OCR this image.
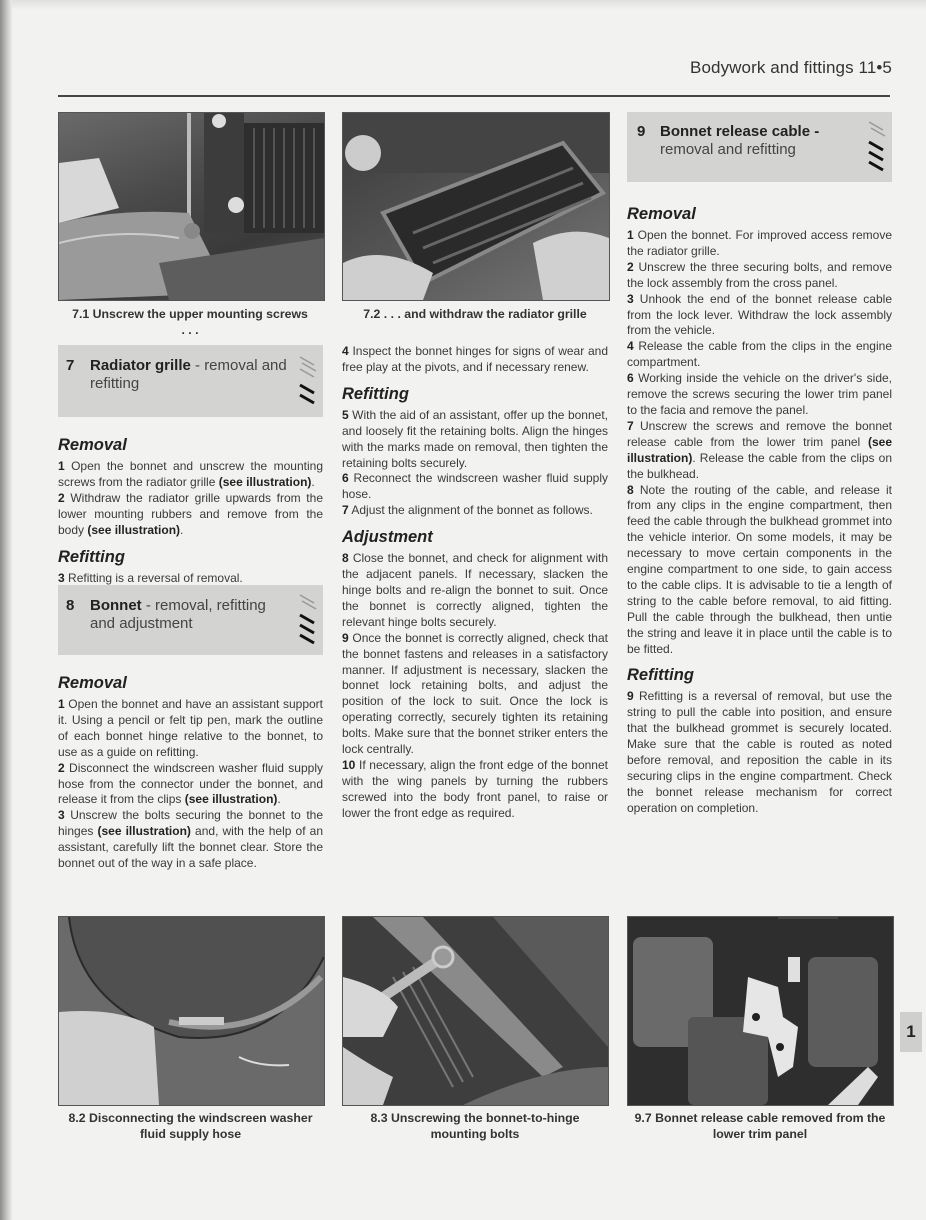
Bodywork and fittings 11•5
7.1 Unscrew the upper mounting screws . . .
7.2 . . . and withdraw the radiator grille
7 Radiator grille - removal and refitting
Removal

1 Open the bonnet and unscrew the mounting screws from the radiator grille (see illustration).

2 Withdraw the radiator grille upwards from the lower mounting rubbers and remove from the body (see illustration).

Refitting

3 Refitting is a reversal of removal.

8 Bonnet - removal, refitting and adjustment
Removal

1 Open the bonnet and have an assistant support it. Using a pencil or felt tip pen, mark the outline of each bonnet hinge relative to the bonnet, to use as a guide on refitting.

2 Disconnect the windscreen washer fluid supply hose from the connector under the bonnet, and release it from the clips (see illustration).

3 Unscrew the bolts securing the bonnet to the hinges (see illustration) and, with the help of an assistant, carefully lift the bonnet clear. Store the bonnet out of the way in a safe place.

4 Inspect the bonnet hinges for signs of wear and free play at the pivots, and if necessary renew.

Refitting

5 With the aid of an assistant, offer up the bonnet, and loosely fit the retaining bolts. Align the hinges with the marks made on removal, then tighten the retaining bolts securely.

6 Reconnect the windscreen washer fluid supply hose.

7 Adjust the alignment of the bonnet as follows.

Adjustment

8 Close the bonnet, and check for alignment with the adjacent panels. If necessary, slacken the hinge bolts and re-align the bonnet to suit. Once the bonnet is correctly aligned, tighten the relevant hinge bolts securely.

9 Once the bonnet is correctly aligned, check that the bonnet fastens and releases in a satisfactory manner. If adjustment is necessary, slacken the bonnet lock retaining bolts, and adjust the position of the lock to suit. Once the lock is operating correctly, securely tighten its retaining bolts. Make sure that the bonnet striker enters the lock centrally.

10 If necessary, align the front edge of the bonnet with the wing panels by turning the rubbers screwed into the body front panel, to raise or lower the front edge as required.

9 Bonnet release cable -
removal and refitting
Removal

1 Open the bonnet. For improved access remove the radiator grille.

2 Unscrew the three securing bolts, and remove the lock assembly from the cross panel.

3 Unhook the end of the bonnet release cable from the lock lever. Withdraw the lock assembly from the vehicle.

4 Release the cable from the clips in the engine compartment.

6 Working inside the vehicle on the driver's side, remove the screws securing the lower trim panel to the facia and remove the panel.

7 Unscrew the screws and remove the bonnet release cable from the lower trim panel (see illustration). Release the cable from the clips on the bulkhead.

8 Note the routing of the cable, and release it from any clips in the engine compartment, then feed the cable through the bulkhead grommet into the vehicle interior. On some models, it may be necessary to move certain components in the engine compartment to one side, to gain access to the cable clips. It is advisable to tie a length of string to the cable before removal, to aid fitting. Pull the cable through the bulkhead, then untie the string and leave it in place until the cable is to be fitted.

Refitting

9 Refitting is a reversal of removal, but use the string to pull the cable into position, and ensure that the bulkhead grommet is securely located. Make sure that the cable is routed as noted before removal, and reposition the cable in its securing clips in the engine compartment. Check the bonnet release mechanism for correct operation on completion.

8.2 Disconnecting the windscreen washer fluid supply hose
8.3 Unscrewing the bonnet-to-hinge mounting bolts
9.7 Bonnet release cable removed from the lower trim panel
1
